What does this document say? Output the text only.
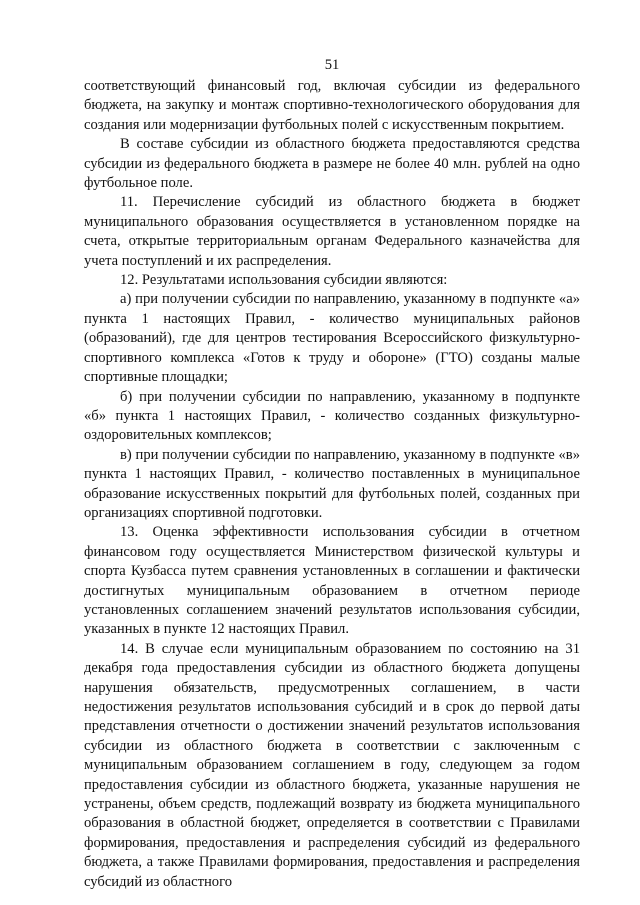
51

соответствующий финансовый год, включая субсидии из федерального бюджета, на закупку и монтаж спортивно-технологического оборудования для создания или модернизации футбольных полей с искусственным покрытием.

В составе субсидии из областного бюджета предоставляются средства субсидии из федерального бюджета в размере не более 40 млн. рублей на одно футбольное поле.

11. Перечисление субсидий из областного бюджета в бюджет муниципального образования осуществляется в установленном порядке на счета, открытые территориальным органам Федерального казначейства для учета поступлений и их распределения.

12. Результатами использования субсидии являются:

а) при получении субсидии по направлению, указанному в подпункте «а» пункта 1 настоящих Правил, - количество муниципальных районов (образований), где для центров тестирования Всероссийского физкультурно-спортивного комплекса «Готов к труду и обороне» (ГТО) созданы малые спортивные площадки;

б) при получении субсидии по направлению, указанному в подпункте «б» пункта 1 настоящих Правил, - количество созданных физкультурно-оздоровительных комплексов;

в) при получении субсидии по направлению, указанному в подпункте «в» пункта 1 настоящих Правил, - количество поставленных в муниципальное образование искусственных покрытий для футбольных полей, созданных при организациях спортивной подготовки.

13. Оценка эффективности использования субсидии в отчетном финансовом году осуществляется Министерством физической культуры и спорта Кузбасса путем сравнения установленных в соглашении и фактически достигнутых муниципальным образованием в отчетном периоде установленных соглашением значений результатов использования субсидии, указанных в пункте 12 настоящих Правил.

14. В случае если муниципальным образованием по состоянию на 31 декабря года предоставления субсидии из областного бюджета допущены нарушения обязательств, предусмотренных соглашением, в части недостижения результатов использования субсидий и в срок до первой даты представления отчетности о достижении значений результатов использования субсидии из областного бюджета в соответствии с заключенным с муниципальным образованием соглашением в году, следующем за годом предоставления субсидии из областного бюджета, указанные нарушения не устранены, объем средств, подлежащий возврату из бюджета муниципального образования в областной бюджет, определяется в соответствии с Правилами формирования, предоставления и распределения субсидий из федерального бюджета, а также Правилами формирования, предоставления и распределения субсидий из областного
